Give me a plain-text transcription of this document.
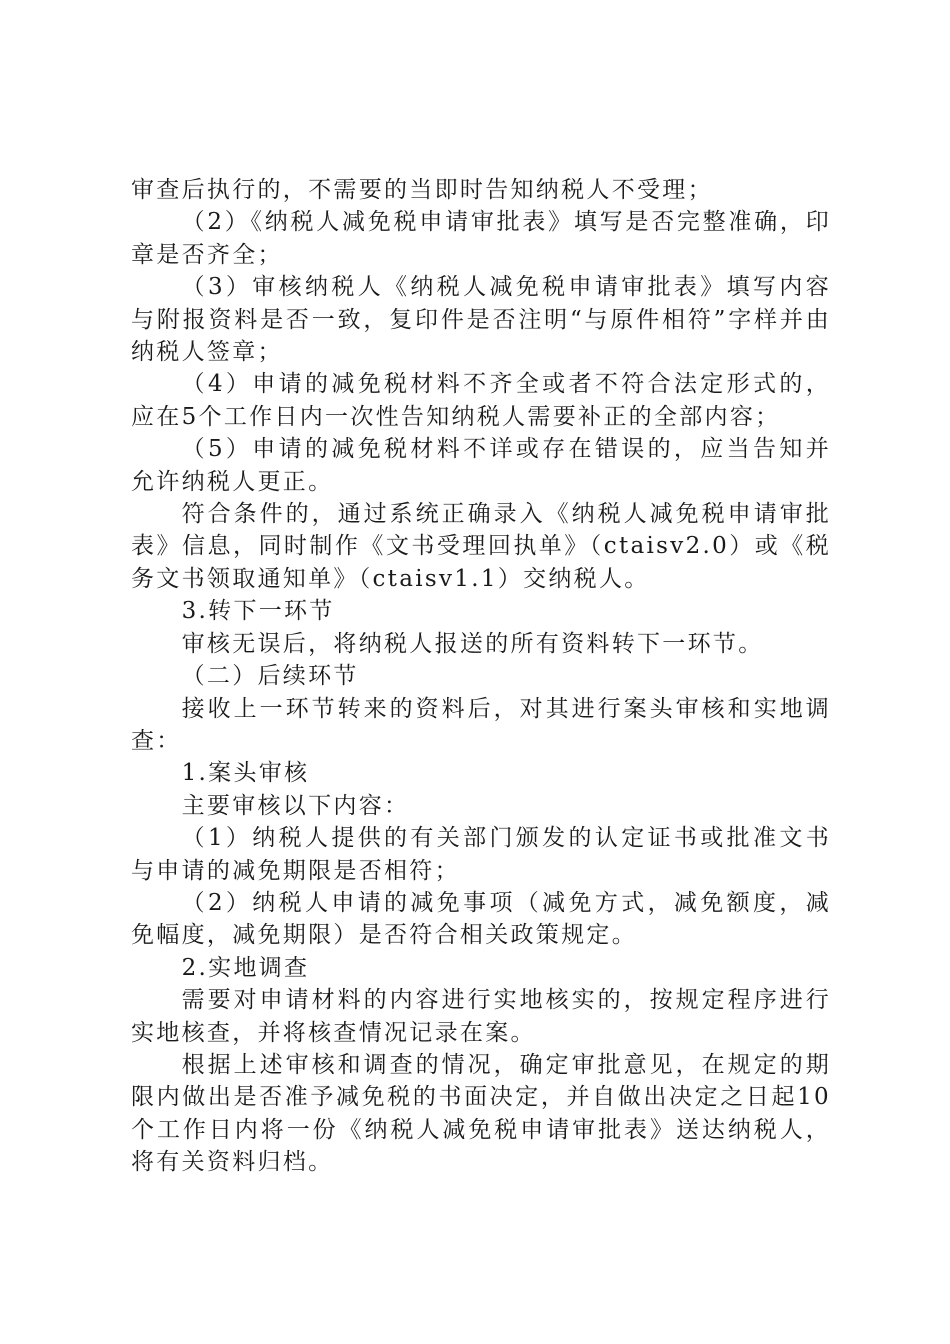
审查后执行的，不需要的当即时告知纳税人不受理；

（2）《纳税人减免税申请审批表》填写是否完整准确，印章是否齐全；

（3）审核纳税人《纳税人减免税申请审批表》填写内容与附报资料是否一致，复印件是否注明“与原件相符”字样并由纳税人签章；

（4）申请的减免税材料不齐全或者不符合法定形式的，应在5个工作日内一次性告知纳税人需要补正的全部内容；

（5）申请的减免税材料不详或存在错误的，应当告知并允许纳税人更正。

符合条件的，通过系统正确录入《纳税人减免税申请审批表》信息，同时制作《文书受理回执单》（ctaisv2.0）或《税务文书领取通知单》（ctaisv1.1）交纳税人。

3.转下一环节

审核无误后，将纳税人报送的所有资料转下一环节。

（二）后续环节

接收上一环节转来的资料后，对其进行案头审核和实地调查：

1.案头审核

主要审核以下内容：

（1）纳税人提供的有关部门颁发的认定证书或批准文书与申请的减免期限是否相符；

（2）纳税人申请的减免事项（减免方式，减免额度，减免幅度，减免期限）是否符合相关政策规定。

2.实地调查

需要对申请材料的内容进行实地核实的，按规定程序进行实地核查，并将核查情况记录在案。

根据上述审核和调查的情况，确定审批意见，在规定的期限内做出是否准予减免税的书面决定，并自做出决定之日起10个工作日内将一份《纳税人减免税申请审批表》送达纳税人，将有关资料归档。
